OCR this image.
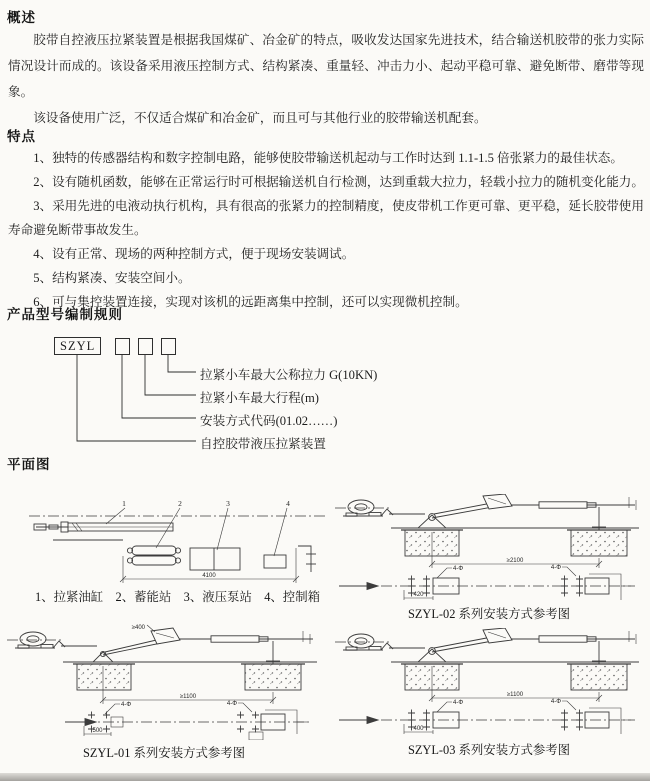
概述

胶带自控液压拉紧装置是根据我国煤矿、冶金矿的特点，吸收发达国家先进技术，结合输送机胶带的张力实际情况设计而成的。该设备采用液压控制方式、结构紧凑、重量轻、冲击力小、起动平稳可靠、避免断带、磨带等现象。

该设备使用广泛，不仅适合煤矿和冶金矿，而且可与其他行业的胶带输送机配套。

特点

1、独特的传感器结构和数字控制电路，能够使胶带输送机起动与工作时达到 1.1-1.5 倍张紧力的最佳状态。

2、设有随机函数，能够在正常运行时可根据输送机自行检测，达到重载大拉力，轻载小拉力的随机变化能力。

3、采用先进的电液动执行机构，具有很高的张紧力的控制精度，使皮带机工作更可靠、更平稳，延长胶带使用寿命避免断带事故发生。

4、设有正常、现场的两种控制方式，便于现场安装调试。

5、结构紧凑、安装空间小。

6、可与集控装置连接，实现对该机的远距离集中控制，还可以实现微机控制。

产品型号编制规则
SZYL
拉紧小车最大公称拉力 G(10KN)
拉紧小车最大行程(m)
安装方式代码(01.02……)
自控胶带液压拉紧装置
平面图
1	2	3	4
4100
1、拉紧油缸　2、蓄能站　3、液压泵站　4、控制箱
≥2100
4-Φ	4-Φ
420
SZYL-02 系列安装方式参考图
≥400
≥1100
4-Φ	4-Φ
500
SZYL-01 系列安装方式参考图
≥1100
4-Φ	4-Φ
400
SZYL-03 系列安装方式参考图
